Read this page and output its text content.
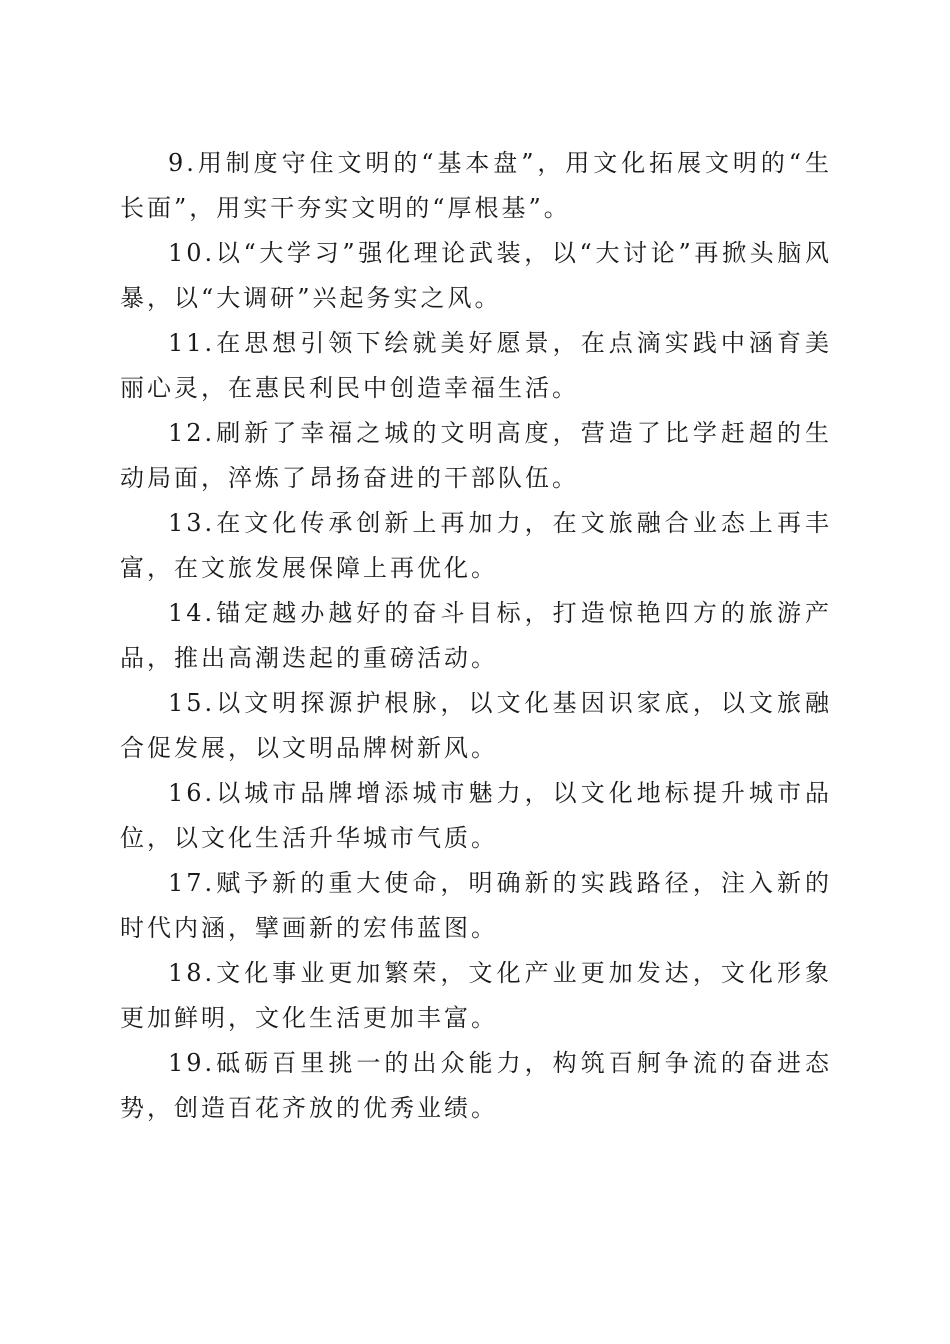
9.用制度守住文明的“基本盘”，用文化拓展文明的“生长面”，用实干夯实文明的“厚根基”。

10.以“大学习”强化理论武装，以“大讨论”再掀头脑风暴，以“大调研”兴起务实之风。

11.在思想引领下绘就美好愿景，在点滴实践中涵育美丽心灵，在惠民利民中创造幸福生活。

12.刷新了幸福之城的文明高度，营造了比学赶超的生动局面，淬炼了昂扬奋进的干部队伍。

13.在文化传承创新上再加力，在文旅融合业态上再丰富，在文旅发展保障上再优化。

14.锚定越办越好的奋斗目标，打造惊艳四方的旅游产品，推出高潮迭起的重磅活动。

15.以文明探源护根脉，以文化基因识家底，以文旅融合促发展，以文明品牌树新风。

16.以城市品牌增添城市魅力，以文化地标提升城市品位，以文化生活升华城市气质。

17.赋予新的重大使命，明确新的实践路径，注入新的时代内涵，擘画新的宏伟蓝图。

18.文化事业更加繁荣，文化产业更加发达，文化形象更加鲜明，文化生活更加丰富。

19.砥砺百里挑一的出众能力，构筑百舸争流的奋进态势，创造百花齐放的优秀业绩。
